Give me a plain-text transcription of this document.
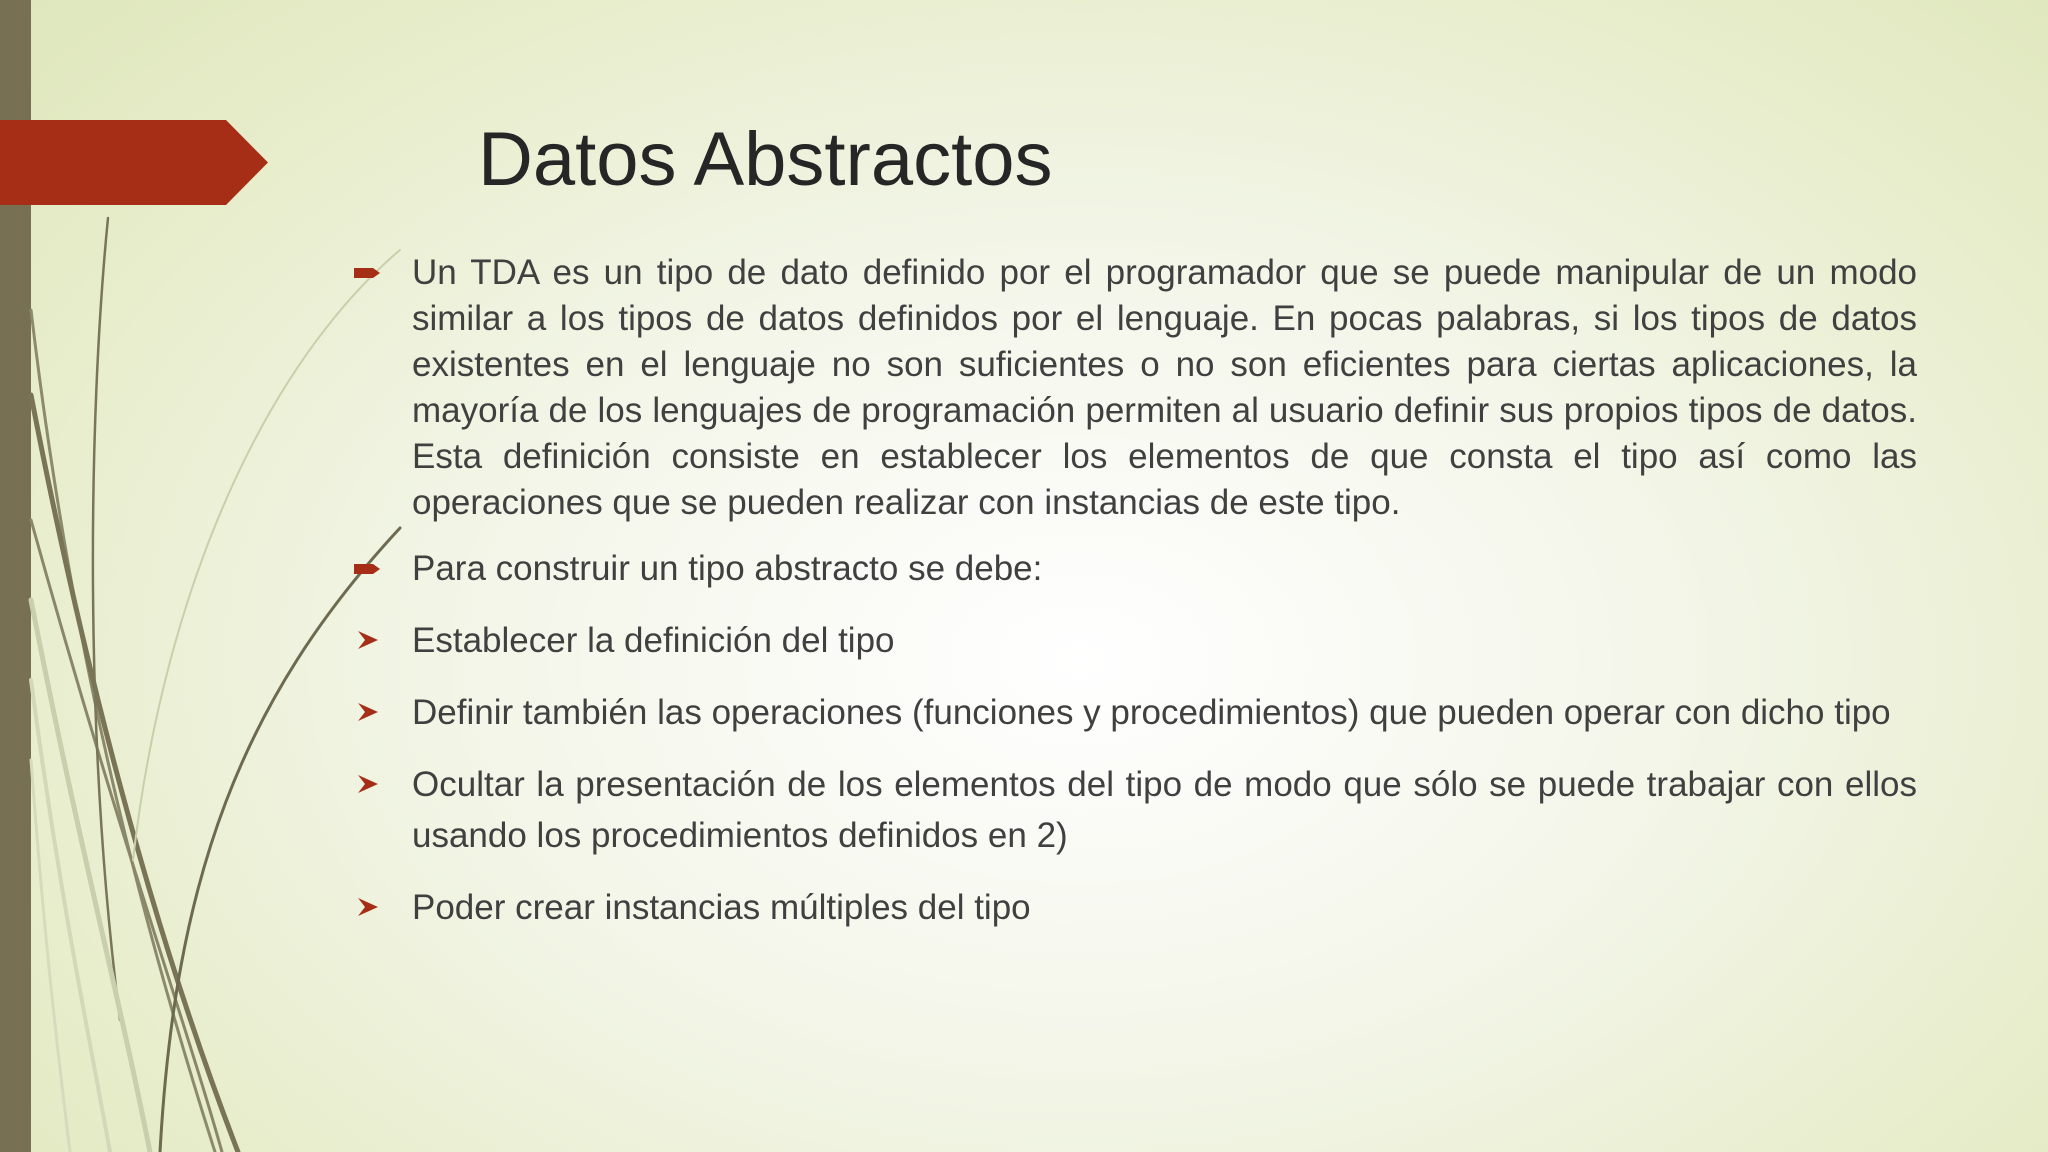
Datos Abstractos
Un TDA es un tipo de dato definido por el programador que se puede manipular de un modo similar a los tipos de datos definidos por el lenguaje. En pocas palabras, si los tipos de datos existentes en el lenguaje no son suficientes o no son eficientes para ciertas aplicaciones, la mayoría de los lenguajes de programación permiten al usuario definir sus propios tipos de datos. Esta definición consiste en establecer los elementos de que consta el tipo así como las operaciones que se pueden realizar con instancias de este tipo.
Para construir un tipo abstracto se debe:
Establecer la definición del tipo
Definir también las operaciones (funciones y procedimientos) que pueden operar con dicho tipo
Ocultar la presentación de los elementos del tipo de modo que sólo se puede trabajar con ellos usando los procedimientos definidos en 2)
Poder crear instancias múltiples del tipo
